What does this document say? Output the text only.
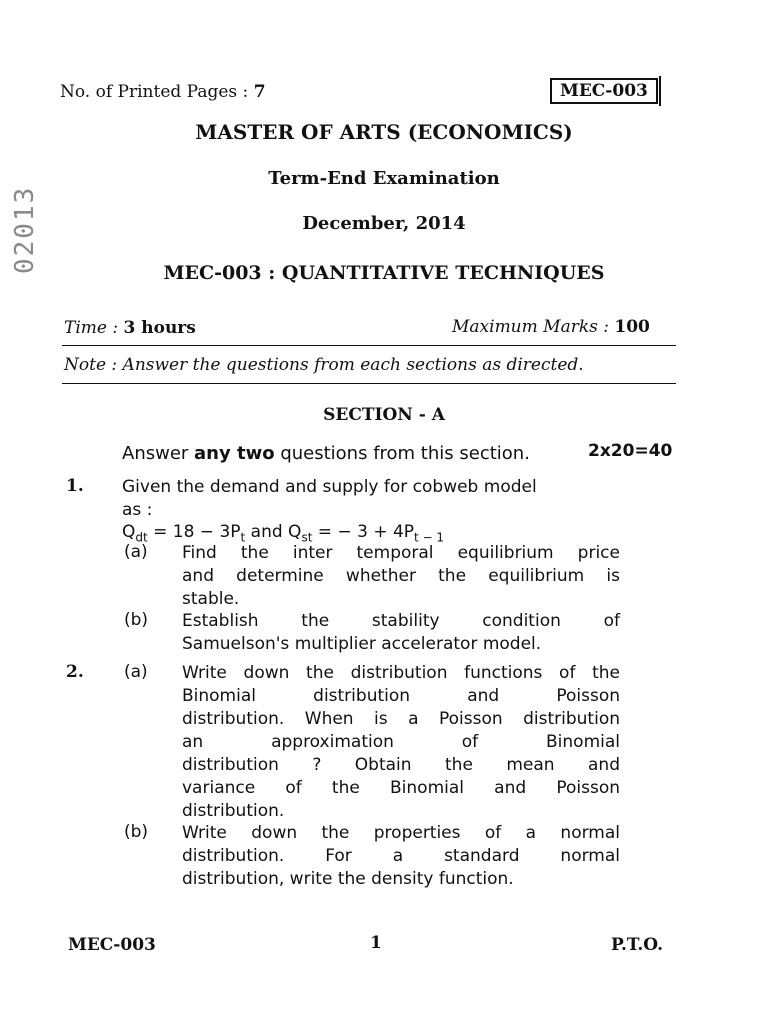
02013
No. of Printed Pages : 7	MEC-003
MASTER OF ARTS (ECONOMICS)
Term-End Examination
December, 2014
MEC-003 : QUANTITATIVE TECHNIQUES
Time : 3 hours	Maximum Marks : 100
Note : Answer the questions from each sections as directed.
SECTION - A
Answer any two questions from this section.	2x20=40
1. Given the demand and supply for cobweb model
as :
$Q_{dt} = 18 - 3P_t$ and $Q_{st}$ = − $3 + 4P_{t - 1}$
(a) Find the inter temporal equilibrium price
and determine whether the equilibrium is
stable.
(b) Establish the stability condition of
Samuelson's multiplier accelerator model.
2. (a) Write down the distribution functions of the
Binomial distribution and Poisson
distribution. When is a Poisson distribution
an approximation of Binomial
distribution ? Obtain the mean and
variance of the Binomial and Poisson
distribution.
(b) Write down the properties of a normal
distribution. For a standard normal
distribution, write the density function.
MEC-003	1	P.T.O.
